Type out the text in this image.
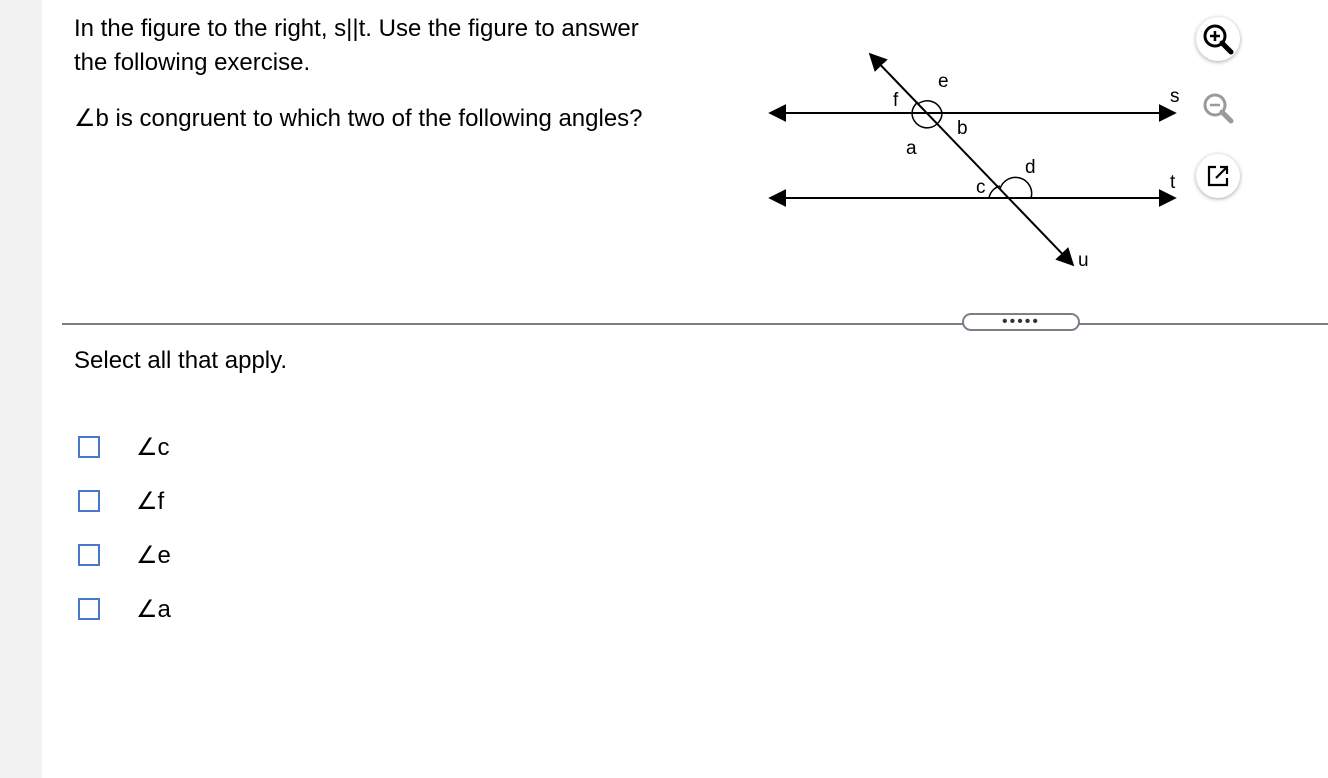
In the figure to the right, s||t. Use the figure to answer
the following exercise.
∠b is congruent to which two of the following angles?
e
f
b
a
d
c
s
t
u
•••••
Select all that apply.
∠c
∠f
∠e
∠a
